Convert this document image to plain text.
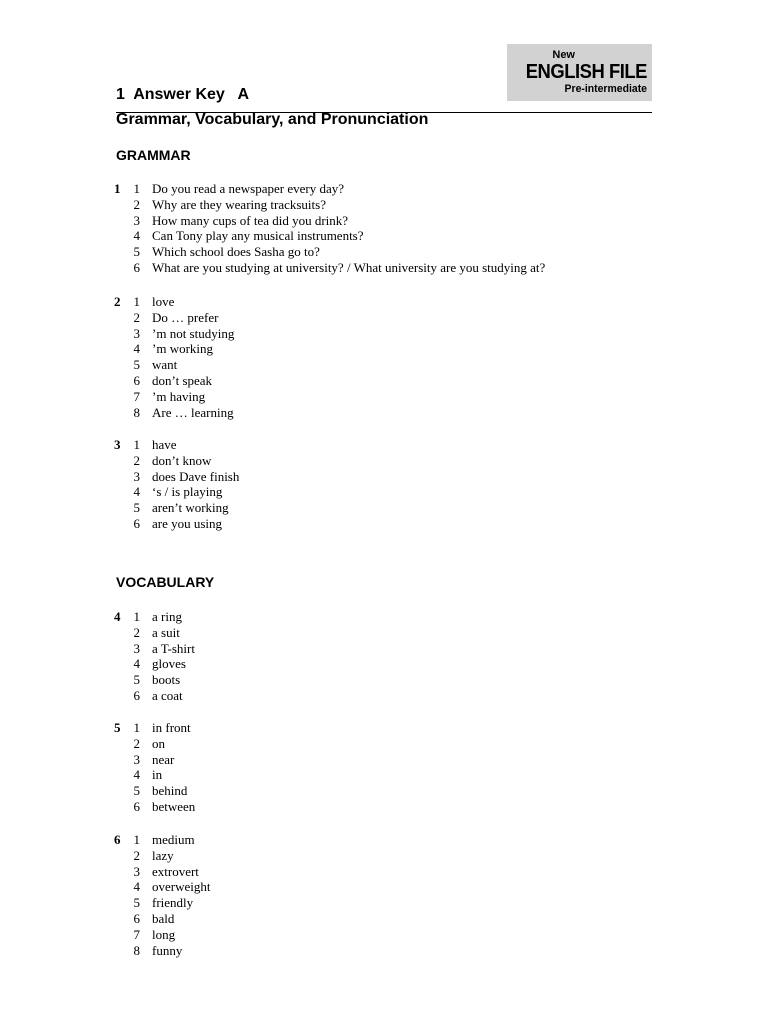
New
ENGLISH FILE
Pre-intermediate
1  Answer Key   A
Grammar, Vocabulary, and Pronunciation
GRAMMAR
VOCABULARY
1	1 Do you read a newspaper every day?
2 Why are they wearing tracksuits?
3 How many cups of tea did you drink?
4 Can Tony play any musical instruments?
5 Which school does Sasha go to?
6 What are you studying at university? / What university are you studying at?
2	1 love
2 Do … prefer
3 ’m not studying
4 ’m working
5 want
6 don’t speak
7 ’m having
8 Are … learning
3	1 have
2 don’t know
3 does Dave finish
4 ‘s / is playing
5 aren’t working
6 are you using
4	1 a ring
2 a suit
3 a T-shirt
4 gloves
5 boots
6 a coat
5	1 in front
2 on
3 near
4 in
5 behind
6 between
6	1 medium
2 lazy
3 extrovert
4 overweight
5 friendly
6 bald
7 long
8 funny
